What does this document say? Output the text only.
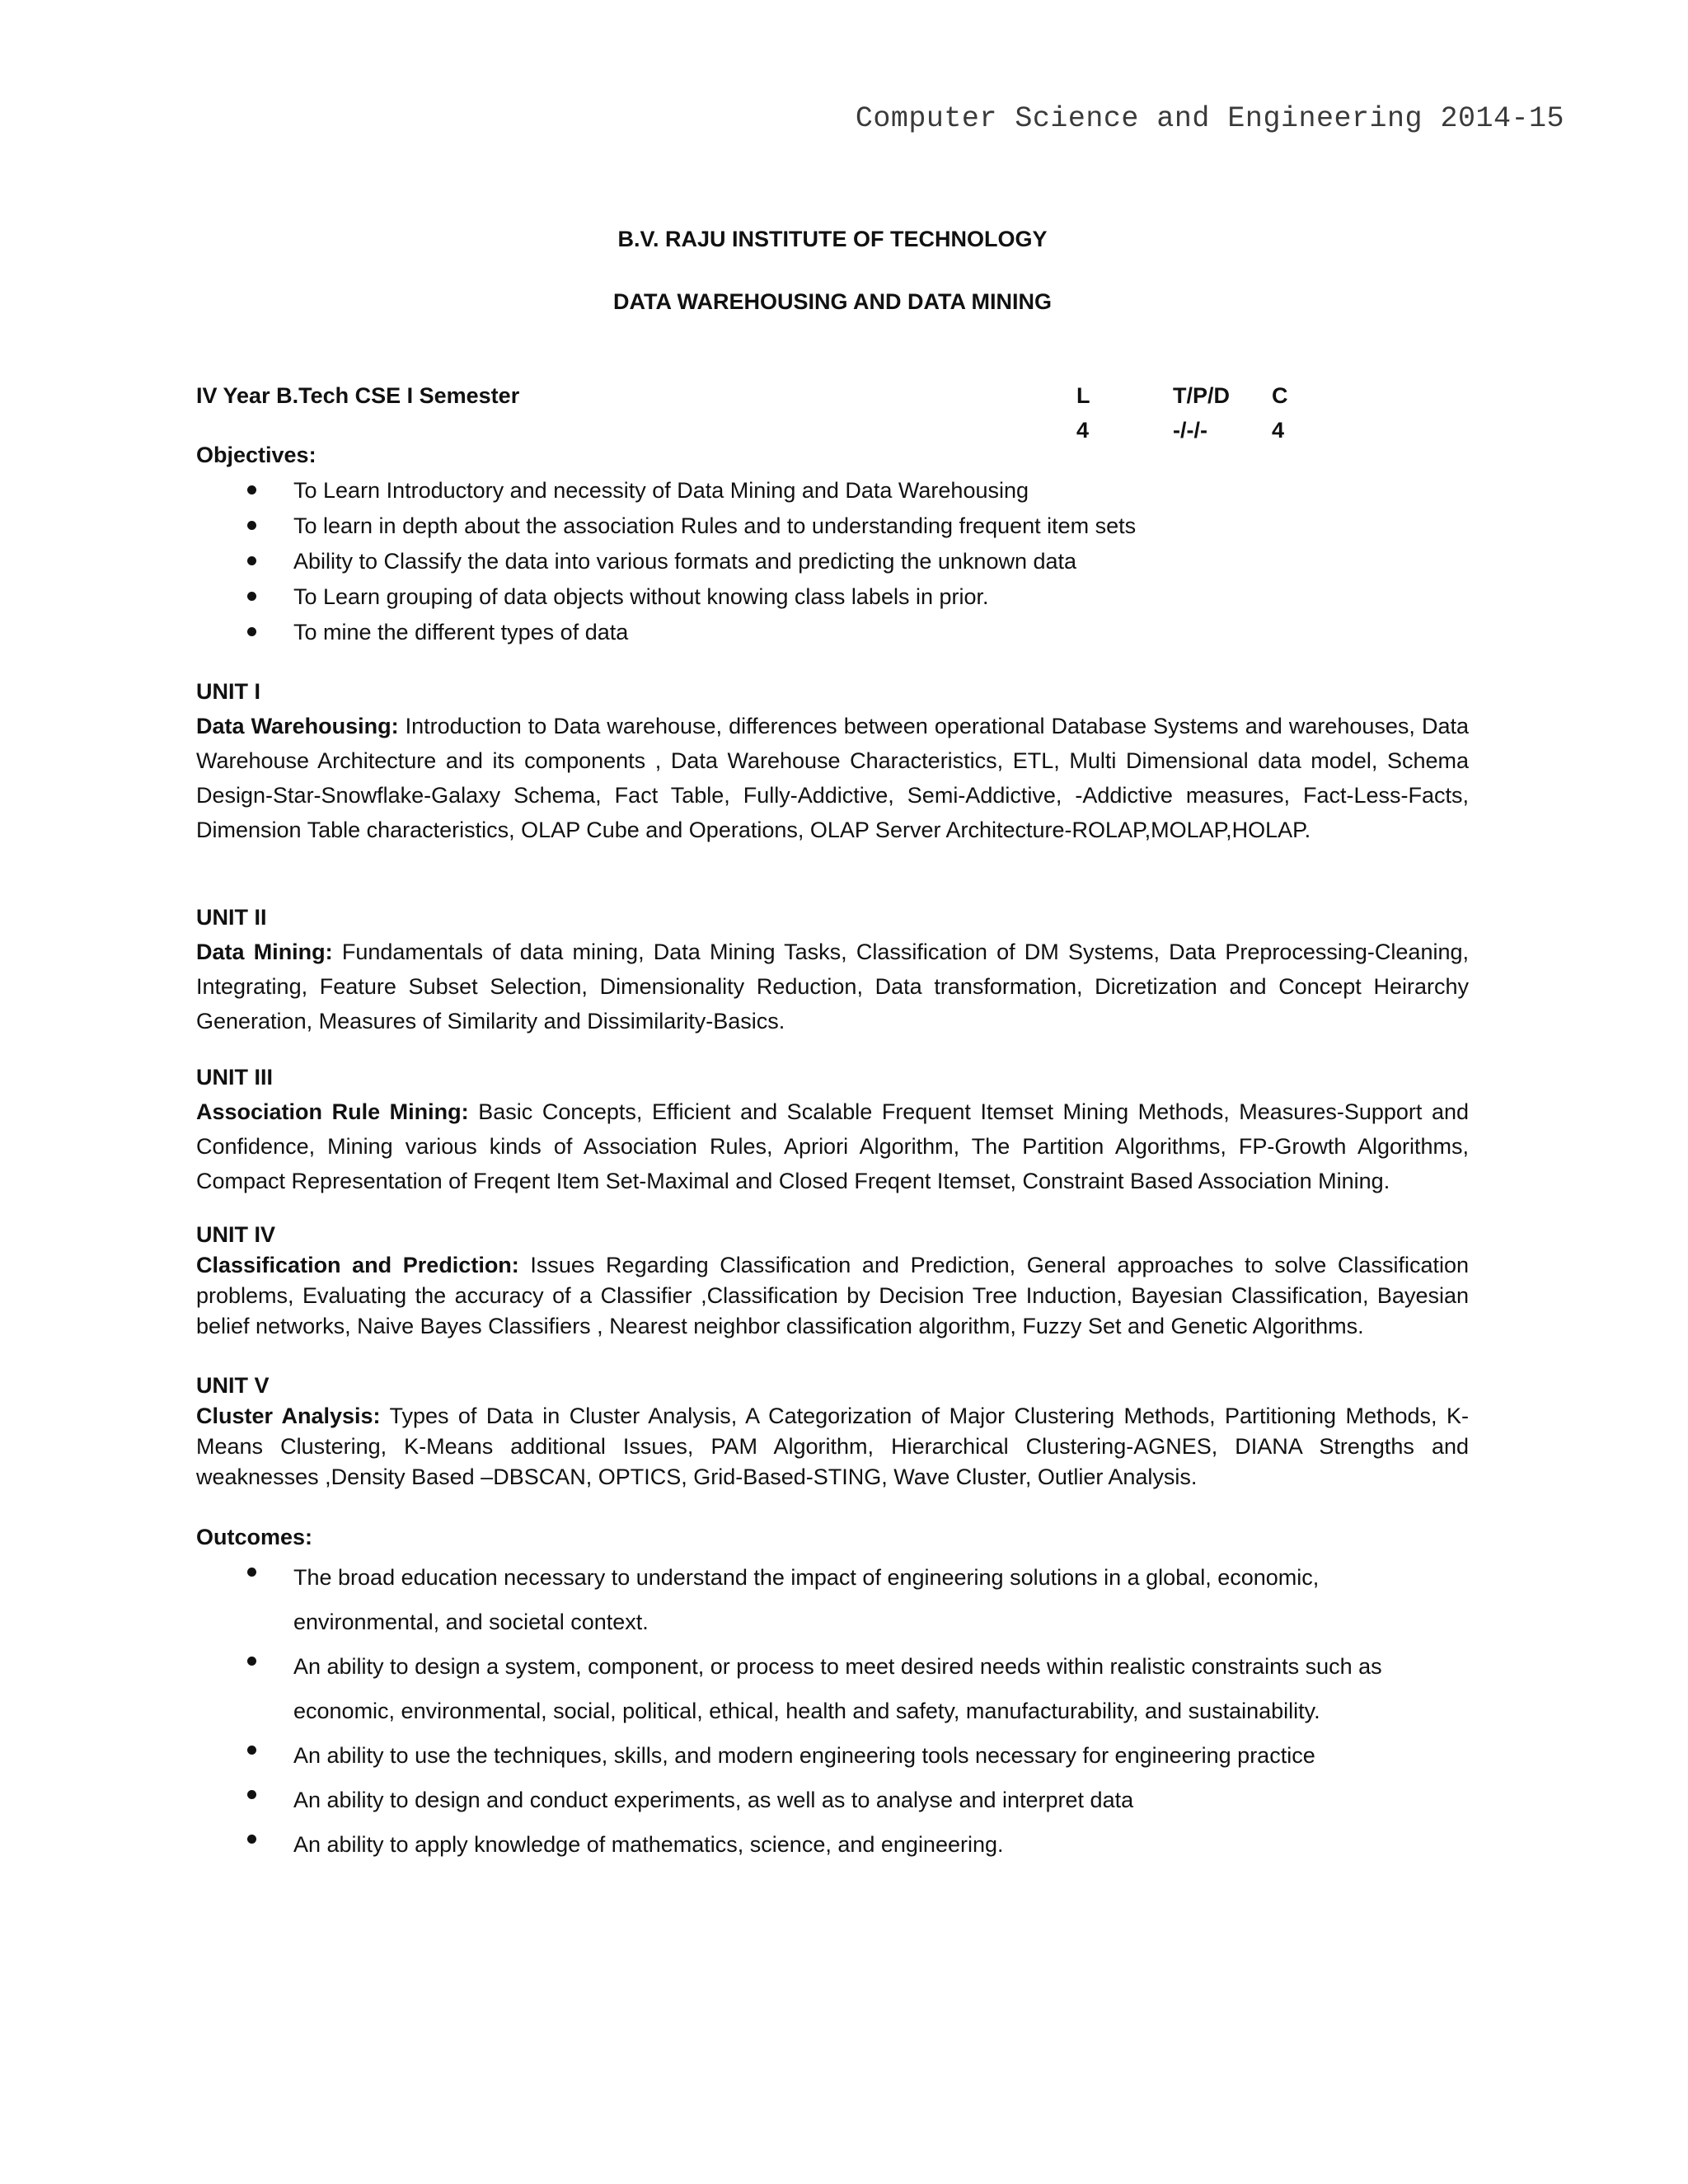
Computer Science and Engineering 2014-15

B.V. RAJU INSTITUTE OF TECHNOLOGY

DATA WAREHOUSING AND DATA MINING

IV Year B.Tech CSE I Semester	L
4
T/P/D
-/-/-
C
4

Objectives:

To Learn Introductory and necessity of Data Mining and Data Warehousing
To learn in depth about the association Rules and to understanding frequent item sets
Ability to Classify the data into various formats and predicting the unknown data
To Learn grouping of data objects without knowing class labels in prior.
To mine the different types of data

UNIT I

Data Warehousing: Introduction to Data warehouse, differences between operational Database Systems and warehouses, Data Warehouse Architecture and its components , Data Warehouse Characteristics, ETL, Multi Dimensional data model, Schema Design-Star-Snowflake-Galaxy Schema, Fact Table, Fully-Addictive, Semi-Addictive, -Addictive measures, Fact-Less-Facts, Dimension Table characteristics, OLAP Cube and Operations, OLAP Server Architecture-ROLAP,MOLAP,HOLAP.

UNIT II

Data Mining: Fundamentals of data mining, Data Mining Tasks, Classification of DM Systems, Data Preprocessing-Cleaning, Integrating, Feature Subset Selection, Dimensionality Reduction, Data transformation, Dicretization and Concept Heirarchy Generation, Measures of Similarity and Dissimilarity-Basics.

UNIT III

Association Rule Mining: Basic Concepts, Efficient and Scalable Frequent Itemset Mining Methods, Measures-Support and Confidence, Mining various kinds of Association Rules, Apriori Algorithm, The Partition Algorithms, FP-Growth Algorithms, Compact Representation of Freqent Item Set-Maximal and Closed Freqent Itemset, Constraint Based Association Mining.

UNIT IV

Classification and Prediction: Issues Regarding Classification and Prediction, General approaches to solve Classification problems, Evaluating the accuracy of a Classifier ,Classification by Decision Tree Induction, Bayesian Classification, Bayesian belief networks, Naive Bayes Classifiers , Nearest neighbor classification algorithm, Fuzzy Set and Genetic Algorithms.

UNIT V

Cluster Analysis: Types of Data in Cluster Analysis, A Categorization of Major Clustering Methods, Partitioning Methods, K-Means Clustering, K-Means additional Issues, PAM Algorithm, Hierarchical Clustering-AGNES, DIANA Strengths and weaknesses ,Density Based –DBSCAN, OPTICS, Grid-Based-STING, Wave Cluster, Outlier Analysis.

Outcomes:

The broad education necessary to understand the impact of engineering solutions in a global, economic, environmental, and societal context.
An ability to design a system, component, or process to meet desired needs within realistic constraints such as economic, environmental, social, political, ethical, health and safety, manufacturability, and sustainability.
An ability to use the techniques, skills, and modern engineering tools necessary for engineering practice
An ability to design and conduct experiments, as well as to analyse and interpret data
An ability to apply knowledge of mathematics, science, and engineering.
